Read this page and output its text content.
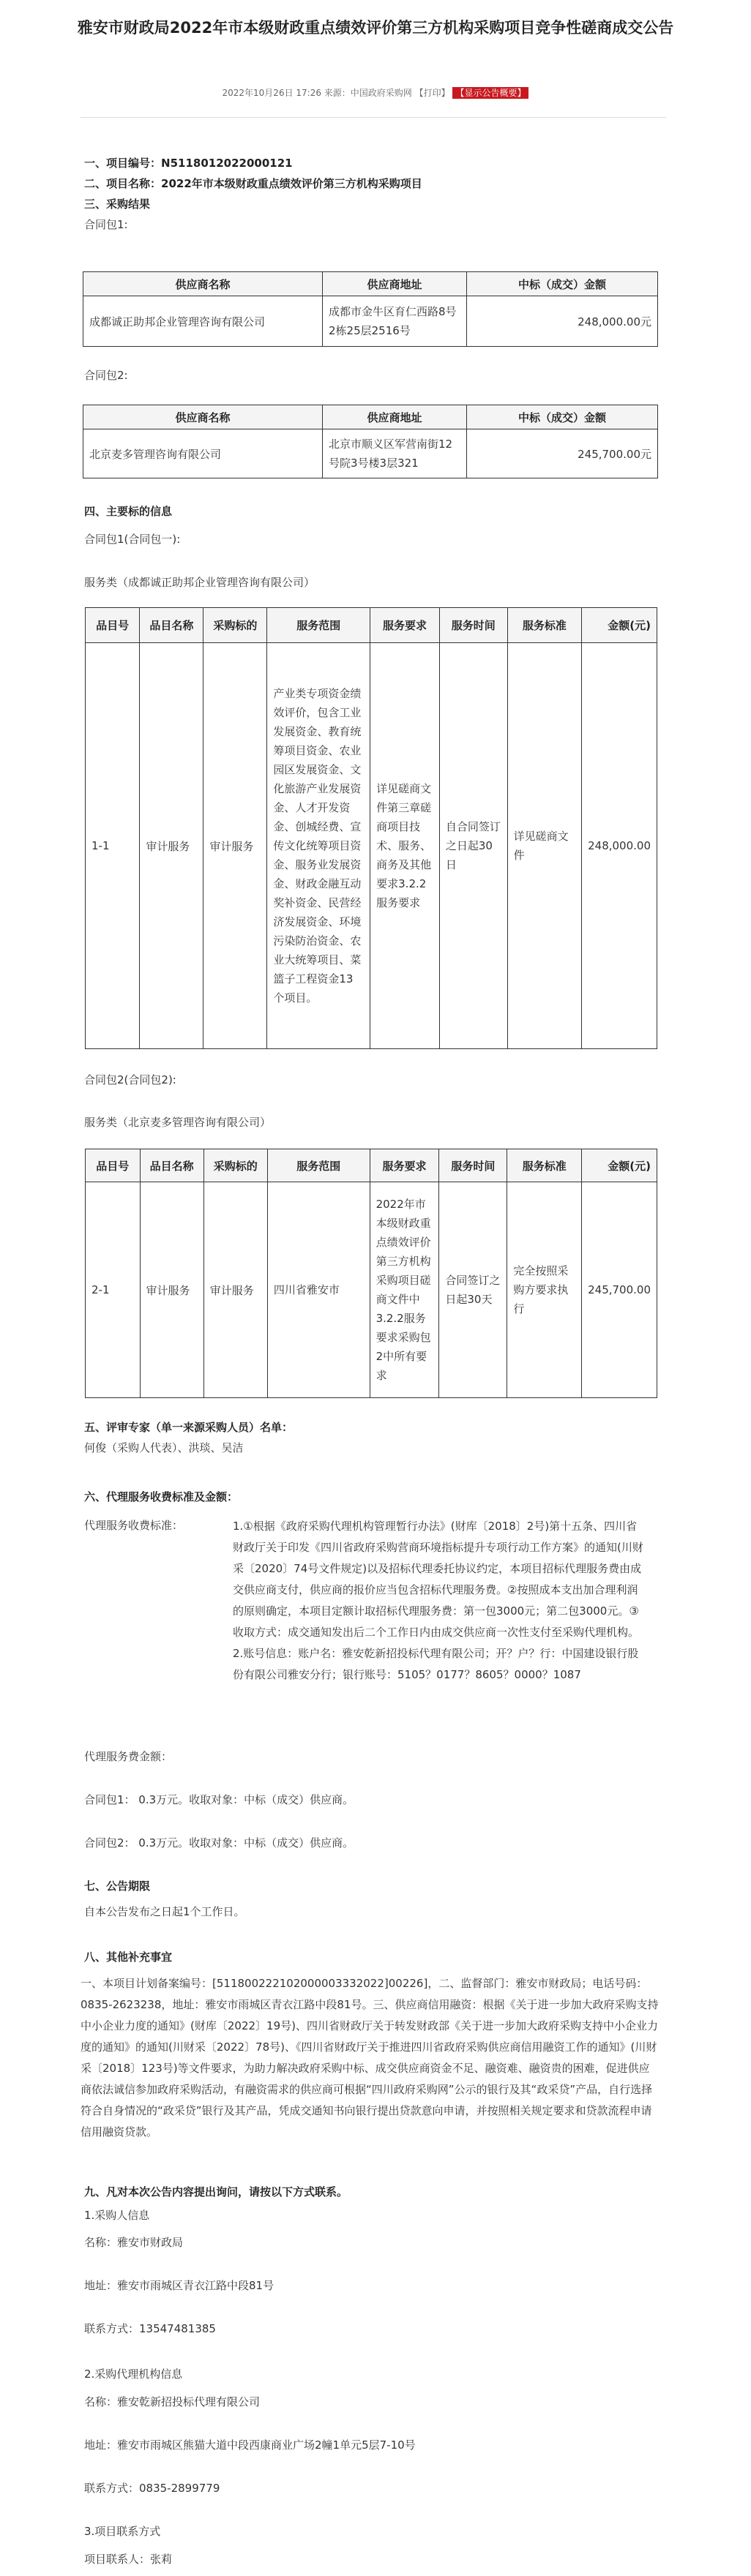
雅安市财政局2022年市本级财政重点绩效评价第三方机构采购项目竞争性磋商成交公告
2022年10月26日 17:26 来源：中国政府采购网 【打印】 【显示公告概要】
一、项目编号：N5118012022000121
二、项目名称：2022年市本级财政重点绩效评价第三方机构采购项目
三、采购结果
合同包1:
供应商名称	供应商地址	中标（成交）金额
成都诚正助邦企业管理咨询有限公司	成都市金牛区育仁西路8号2栋25层2516号	248,000.00元
合同包2:
供应商名称	供应商地址	中标（成交）金额
北京麦多管理咨询有限公司	北京市顺义区军营南街12号院3号楼3层321	245,700.00元
四、主要标的信息
合同包1(合同包一):
服务类（成都诚正助邦企业管理咨询有限公司）
品目号	品目名称	采购标的	服务范围	服务要求	服务时间	服务标准	金额(元)
1-1	审计服务	审计服务	产业类专项资金绩效评价，包含工业发展资金、教育统筹项目资金、农业园区发展资金、文化旅游产业发展资金、人才开发资金、创城经费、宣传文化统筹项目资金、服务业发展资金、财政金融互动奖补资金、民营经济发展资金、环境污染防治资金、农业大统筹项目、菜篮子工程资金13个项目。	详见磋商文件第三章磋商项目技术、服务、商务及其他要求3.2.2服务要求	自合同签订之日起30日	详见磋商文件	248,000.00
合同包2(合同包2):
服务类（北京麦多管理咨询有限公司）
品目号	品目名称	采购标的	服务范围	服务要求	服务时间	服务标准	金额(元)
2-1	审计服务	审计服务	四川省雅安市	2022年市本级财政重点绩效评价第三方机构采购项目磋商文件中3.2.2服务要求采购包2中所有要求	合同签订之日起30天	完全按照采购方要求执行	245,700.00
五、评审专家（单一来源采购人员）名单：
何俊（采购人代表）、洪琰、吴洁
六、代理服务收费标准及金额：
代理服务收费标准：	1.①根据《政府采购代理机构管理暂行办法》(财库〔2018〕2号)第十五条、四川省财政厅关于印发《四川省政府采购营商环境指标提升专项行动工作方案》的通知(川财采〔2020〕74号文件规定)以及招标代理委托协议约定，本项目招标代理服务费由成交供应商支付，供应商的报价应当包含招标代理服务费。②按照成本支出加合理利润的原则确定，本项目定额计取招标代理服务费：第一包3000元；第二包3000元。③收取方式：成交通知发出后二个工作日内由成交供应商一次性支付至采购代理机构。2.账号信息：账户名：雅安乾新招投标代理有限公司；开？户？行：中国建设银行股份有限公司雅安分行；银行账号：5105？0177？8605？0000？1087
代理服务费金额：
合同包1： 0.3万元。收取对象：中标（成交）供应商。
合同包2： 0.3万元。收取对象：中标（成交）供应商。
七、公告期限
自本公告发布之日起1个工作日。
八、其他补充事宜
一、本项目计划备案编号：[511800222102000003332022]00226]，二、监督部门：雅安市财政局；电话号码：0835-2623238，地址：雅安市雨城区青衣江路中段81号。三、供应商信用融资：根据《关于进一步加大政府采购支持中小企业力度的通知》(财库〔2022〕19号)、四川省财政厅关于转发财政部《关于进一步加大政府采购支持中小企业力度的通知》的通知(川财采〔2022〕78号)、《四川省财政厅关于推进四川省政府采购供应商信用融资工作的通知》(川财采〔2018〕123号)等文件要求，为助力解决政府采购中标、成交供应商资金不足、融资难、融资贵的困难，促进供应商依法诚信参加政府采购活动，有融资需求的供应商可根据“四川政府采购网”公示的银行及其“政采贷”产品，自行选择符合自身情况的“政采贷”银行及其产品，凭成交通知书向银行提出贷款意向申请，并按照相关规定要求和贷款流程申请信用融资贷款。
九、凡对本次公告内容提出询问，请按以下方式联系。
1.采购人信息
名称：雅安市财政局
地址：雅安市雨城区青衣江路中段81号
联系方式：13547481385
2.采购代理机构信息
名称：雅安乾新招投标代理有限公司
地址：雅安市雨城区熊猫大道中段西康商业广场2幢1单元5层7-10号
联系方式：0835-2899779
3.项目联系方式
项目联系人：张莉
